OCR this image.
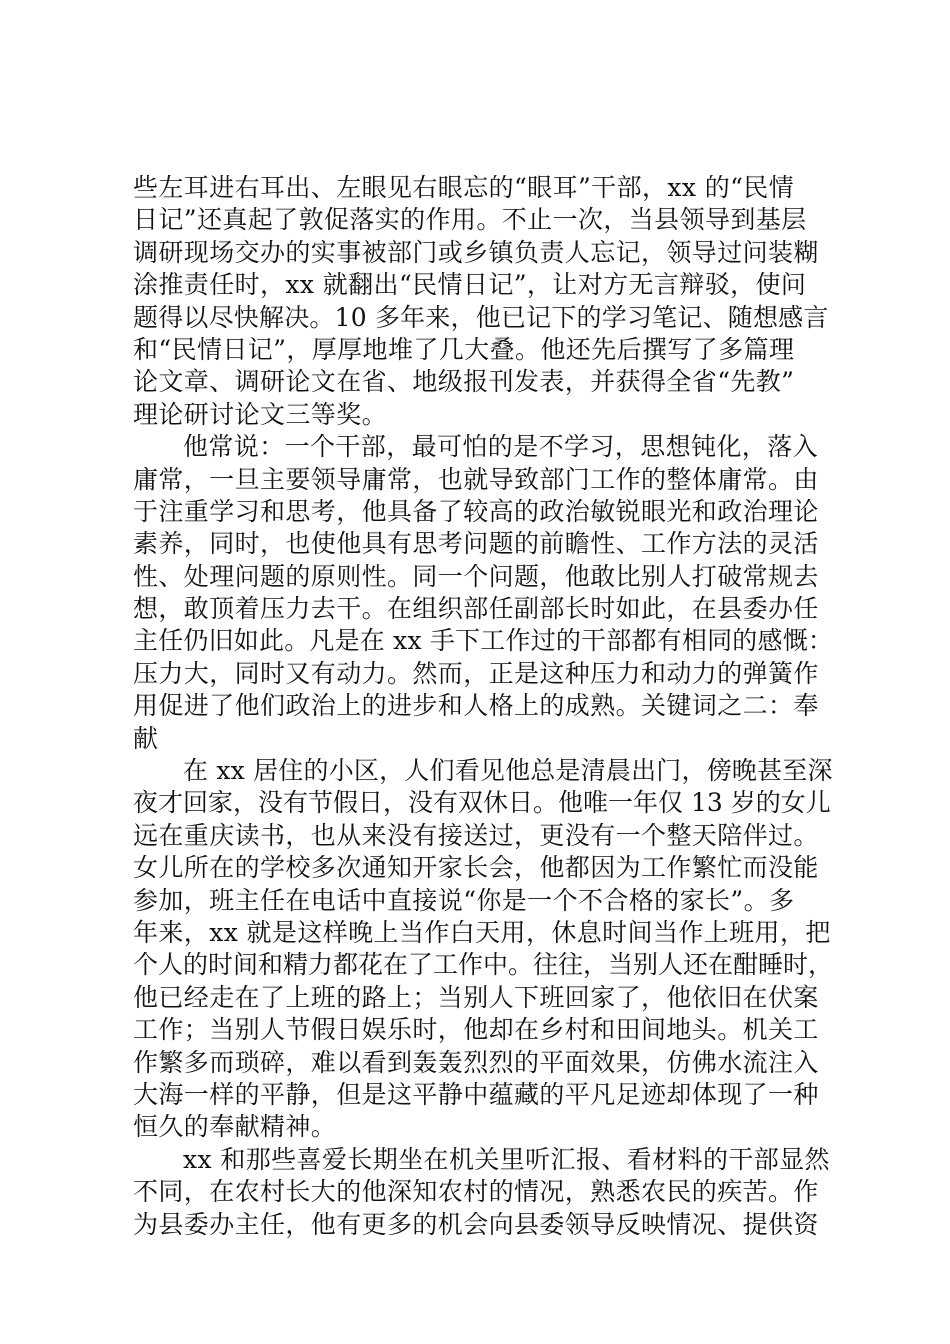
些左耳进右耳出、左眼见右眼忘的“眼耳”干部，xx 的“民情
日记”还真起了敦促落实的作用。不止一次，当县领导到基层
调研现场交办的实事被部门或乡镇负责人忘记，领导过问装糊
涂推责任时，xx 就翻出“民情日记”，让对方无言辩驳，使问
题得以尽快解决。10 多年来，他已记下的学习笔记、随想感言
和“民情日记”，厚厚地堆了几大叠。他还先后撰写了多篇理
论文章、调研论文在省、地级报刊发表，并获得全省“先教”
理论研讨论文三等奖。
他常说：一个干部，最可怕的是不学习，思想钝化，落入
庸常，一旦主要领导庸常，也就导致部门工作的整体庸常。由
于注重学习和思考，他具备了较高的政治敏锐眼光和政治理论
素养，同时，也使他具有思考问题的前瞻性、工作方法的灵活
性、处理问题的原则性。同一个问题，他敢比别人打破常规去
想，敢顶着压力去干。在组织部任副部长时如此，在县委办任
主任仍旧如此。凡是在 xx 手下工作过的干部都有相同的感慨：
压力大，同时又有动力。然而，正是这种压力和动力的弹簧作
用促进了他们政治上的进步和人格上的成熟。关键词之二：奉
献
在 xx 居住的小区，人们看见他总是清晨出门，傍晚甚至深
夜才回家，没有节假日，没有双休日。他唯一年仅 13 岁的女儿
远在重庆读书，也从来没有接送过，更没有一个整天陪伴过。
女儿所在的学校多次通知开家长会，他都因为工作繁忙而没能
参加，班主任在电话中直接说“你是一个不合格的家长”。多
年来，xx 就是这样晚上当作白天用，休息时间当作上班用，把
个人的时间和精力都花在了工作中。往往，当别人还在酣睡时，
他已经走在了上班的路上；当别人下班回家了，他依旧在伏案
工作；当别人节假日娱乐时，他却在乡村和田间地头。机关工
作繁多而琐碎，难以看到轰轰烈烈的平面效果，仿佛水流注入
大海一样的平静，但是这平静中蕴藏的平凡足迹却体现了一种
恒久的奉献精神。
xx 和那些喜爱长期坐在机关里听汇报、看材料的干部显然
不同，在农村长大的他深知农村的情况，熟悉农民的疾苦。作
为县委办主任，他有更多的机会向县委领导反映情况、提供资
